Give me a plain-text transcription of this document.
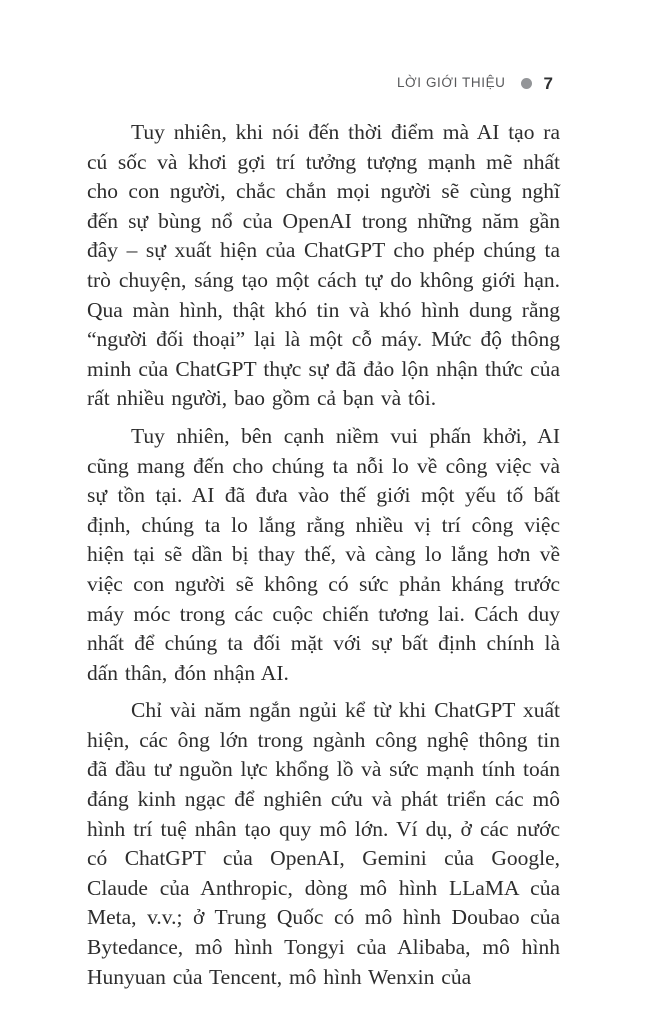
LỜI GIỚI THIỆU 7

Tuy nhiên, khi nói đến thời điểm mà AI tạo ra cú sốc và khơi gợi trí tưởng tượng mạnh mẽ nhất cho con người, chắc chắn mọi người sẽ cùng nghĩ đến sự bùng nổ của OpenAI trong những năm gần đây – sự xuất hiện của ChatGPT cho phép chúng ta trò chuyện, sáng tạo một cách tự do không giới hạn. Qua màn hình, thật khó tin và khó hình dung rằng “người đối thoại” lại là một cỗ máy. Mức độ thông minh của ChatGPT thực sự đã đảo lộn nhận thức của rất nhiều người, bao gồm cả bạn và tôi.

Tuy nhiên, bên cạnh niềm vui phấn khởi, AI cũng mang đến cho chúng ta nỗi lo về công việc và sự tồn tại. AI đã đưa vào thế giới một yếu tố bất định, chúng ta lo lắng rằng nhiều vị trí công việc hiện tại sẽ dần bị thay thế, và càng lo lắng hơn về việc con người sẽ không có sức phản kháng trước máy móc trong các cuộc chiến tương lai. Cách duy nhất để chúng ta đối mặt với sự bất định chính là dấn thân, đón nhận AI.

Chỉ vài năm ngắn ngủi kể từ khi ChatGPT xuất hiện, các ông lớn trong ngành công nghệ thông tin đã đầu tư nguồn lực khổng lồ và sức mạnh tính toán đáng kinh ngạc để nghiên cứu và phát triển các mô hình trí tuệ nhân tạo quy mô lớn. Ví dụ, ở các nước có ChatGPT của OpenAI, Gemini của Google, Claude của Anthropic, dòng mô hình LLaMA của Meta, v.v.; ở Trung Quốc có mô hình Doubao của Bytedance, mô hình Tongyi của Alibaba, mô hình Hunyuan của Tencent, mô hình Wenxin của
